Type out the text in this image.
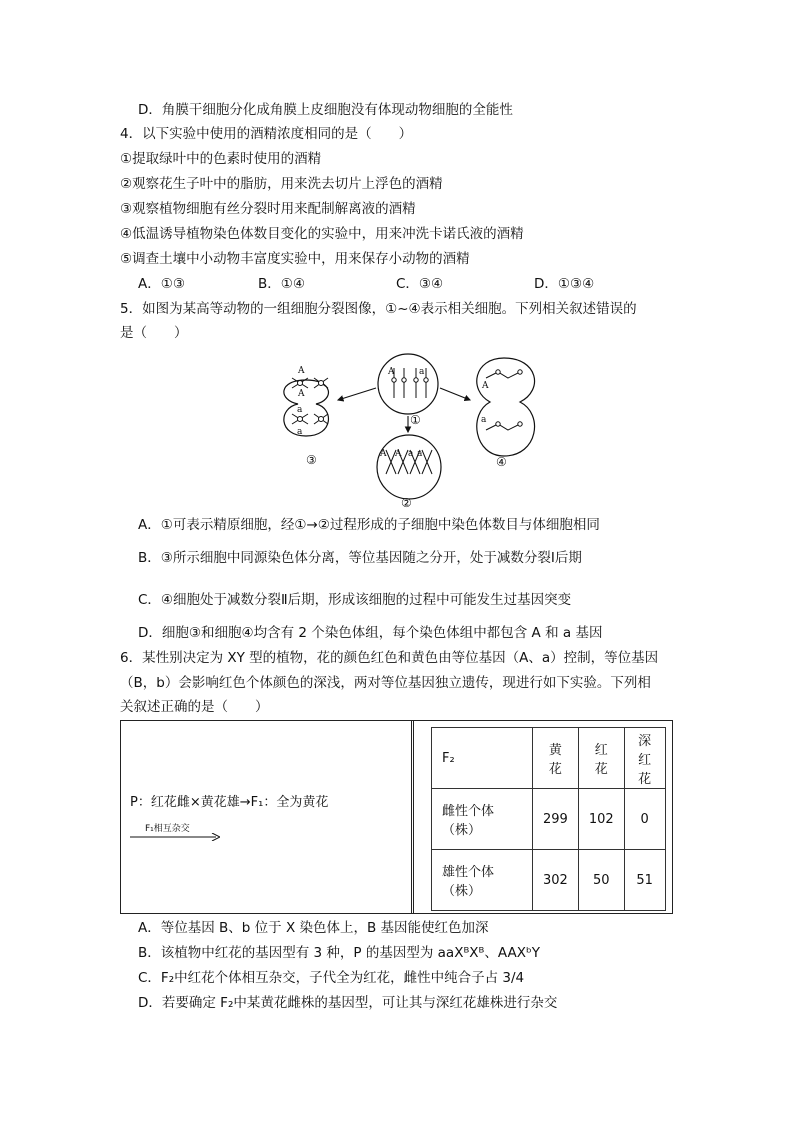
D．角膜干细胞分化成角膜上皮细胞没有体现动物细胞的全能性
4．以下实验中使用的酒精浓度相同的是（　　）
①提取绿叶中的色素时使用的酒精
②观察花生子叶中的脂肪，用来洗去切片上浮色的酒精
③观察植物细胞有丝分裂时用来配制解离液的酒精
④低温诱导植物染色体数目变化的实验中，用来冲洗卡诺氏液的酒精
⑤调查土壤中小动物丰富度实验中，用来保存小动物的酒精
A．①③	B．①④	C．③④	D．①③④
5．如图为某高等动物的一组细胞分裂图像，①~④表示相关细胞。下列相关叙述错误的
是（　　）
A
A
a
a
A	a
A A a a
A
a
③
①
②
④
A．①可表示精原细胞，经①→②过程形成的子细胞中染色体数目与体细胞相同
B．③所示细胞中同源染色体分离，等位基因随之分开，处于减数分裂Ⅰ后期
C．④细胞处于减数分裂Ⅱ后期，形成该细胞的过程中可能发生过基因突变
D．细胞③和细胞④均含有 2 个染色体组，每个染色体组中都包含 A 和 a 基因
6．某性别决定为 XY 型的植物，花的颜色红色和黄色由等位基因（A、a）控制，等位基因
（B，b）会影响红色个体颜色的深浅，两对等位基因独立遗传，现进行如下实验。下列相
关叙述正确的是（　　）
P：红花雌×黄花雄→F₁：全为黄花
F₁相互杂交
F₂	黄花	红花	深红花
雌性个体（株）	299	102	0
雄性个体（株）	302	50	51
A．等位基因 B、b 位于 X 染色体上，B 基因能使红色加深
B．该植物中红花的基因型有 3 种，P 的基因型为 aaXᴮXᴮ、AAXᵇY
C．F₂中红花个体相互杂交，子代全为红花，雌性中纯合子占 3/4
D．若要确定 F₂中某黄花雌株的基因型，可让其与深红花雄株进行杂交
